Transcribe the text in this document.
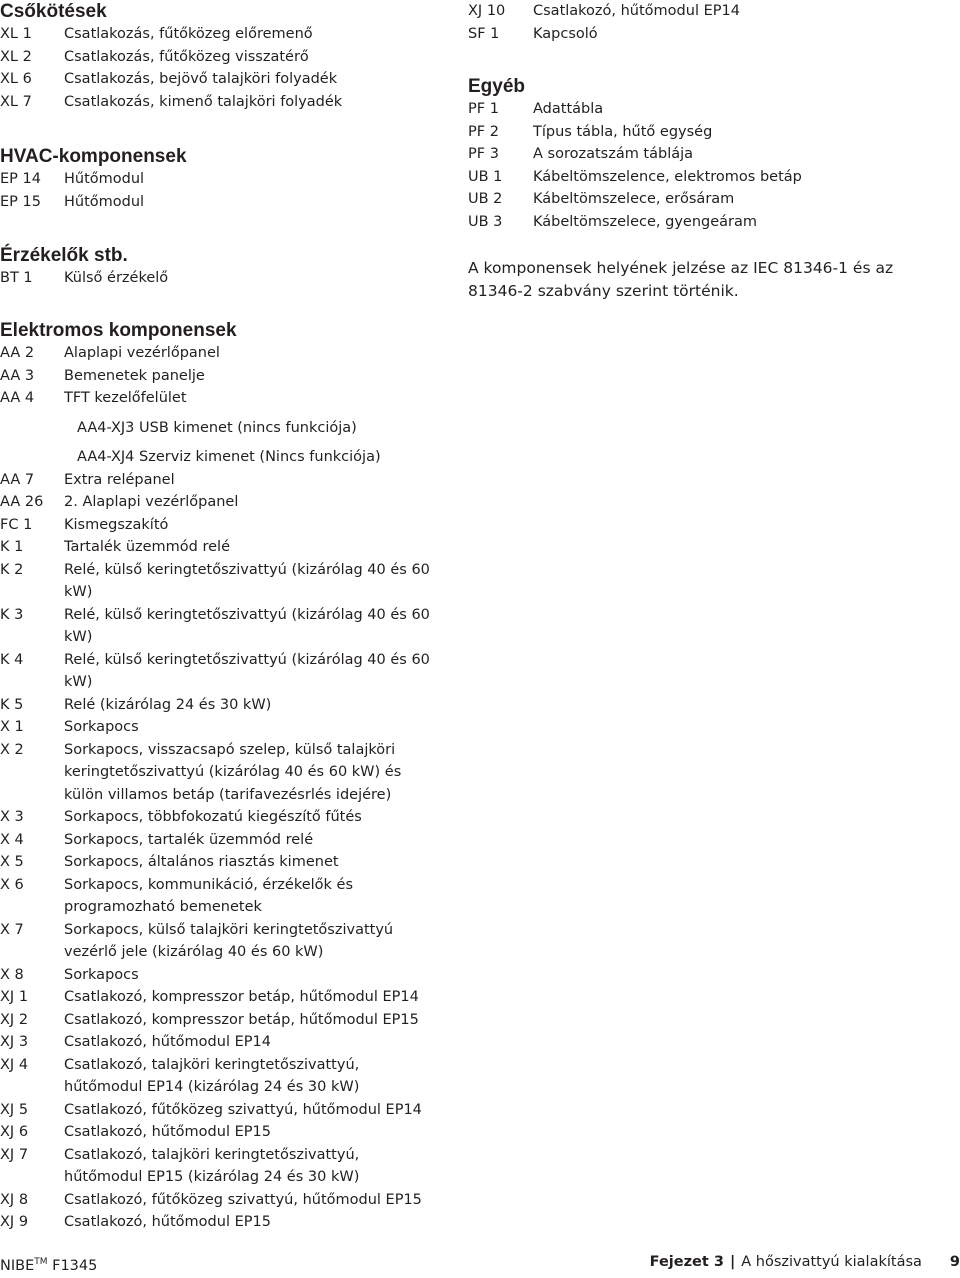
Csőkötések
XL 1	Csatlakozás, fűtőközeg előremenő
XL 2	Csatlakozás, fűtőközeg visszatérő
XL 6	Csatlakozás, bejövő talajköri folyadék
XL 7	Csatlakozás, kimenő talajköri folyadék
HVAC-komponensek
EP 14	Hűtőmodul
EP 15	Hűtőmodul
Érzékelők stb.
BT 1	Külső érzékelő
Elektromos komponensek
AA 2	Alaplapi vezérlőpanel
AA 3	Bemenetek panelje
AA 4	TFT kezelőfelület
AA4-XJ3 USB kimenet (nincs funkciója)
AA4-XJ4 Szerviz kimenet (Nincs funkciója)
AA 7	Extra relépanel
AA 26	2. Alaplapi vezérlőpanel
FC 1	Kismegszakító
K 1	Tartalék üzemmód relé
K 2	Relé, külső keringtetőszivattyú (kizárólag 40 és 60 kW)
K 3	Relé, külső keringtetőszivattyú (kizárólag 40 és 60 kW)
K 4	Relé, külső keringtetőszivattyú (kizárólag 40 és 60 kW)
K 5	Relé (kizárólag 24 és 30 kW)
X 1	Sorkapocs
X 2	Sorkapocs, visszacsapó szelep, külső talajköri keringtetőszivattyú (kizárólag 40 és 60 kW) és külön villamos betáp (tarifavezésrlés idejére)
X 3	Sorkapocs, többfokozatú kiegészítő fűtés
X 4	Sorkapocs, tartalék üzemmód relé
X 5	Sorkapocs, általános riasztás kimenet
X 6	Sorkapocs, kommunikáció, érzékelők és programozható bemenetek
X 7	Sorkapocs, külső talajköri keringtetőszivattyú vezérlő jele (kizárólag 40 és 60 kW)
X 8	Sorkapocs
XJ 1	Csatlakozó, kompresszor betáp, hűtőmodul EP14
XJ 2	Csatlakozó, kompresszor betáp, hűtőmodul EP15
XJ 3	Csatlakozó, hűtőmodul EP14
XJ 4	Csatlakozó, talajköri keringtetőszivattyú, hűtőmodul EP14 (kizárólag 24 és 30 kW)
XJ 5	Csatlakozó, fűtőközeg szivattyú, hűtőmodul EP14
XJ 6	Csatlakozó, hűtőmodul EP15
XJ 7	Csatlakozó, talajköri keringtetőszivattyú, hűtőmodul EP15 (kizárólag 24 és 30 kW)
XJ 8	Csatlakozó, fűtőközeg szivattyú, hűtőmodul EP15
XJ 9	Csatlakozó, hűtőmodul EP15
XJ 10	Csatlakozó, hűtőmodul EP14
SF 1	Kapcsoló
Egyéb
PF 1	Adattábla
PF 2	Típus tábla, hűtő egység
PF 3	A sorozatszám táblája
UB 1	Kábeltömszelence, elektromos betáp
UB 2	Kábeltömszelece, erősáram
UB 3	Kábeltömszelece, gyengeáram
A komponensek helyének jelzése az IEC 81346-1 és az 81346-2 szabvány szerint történik.
NIBE™ F1345	Fejezet 3 | A hőszivattyú kialakítása 9
